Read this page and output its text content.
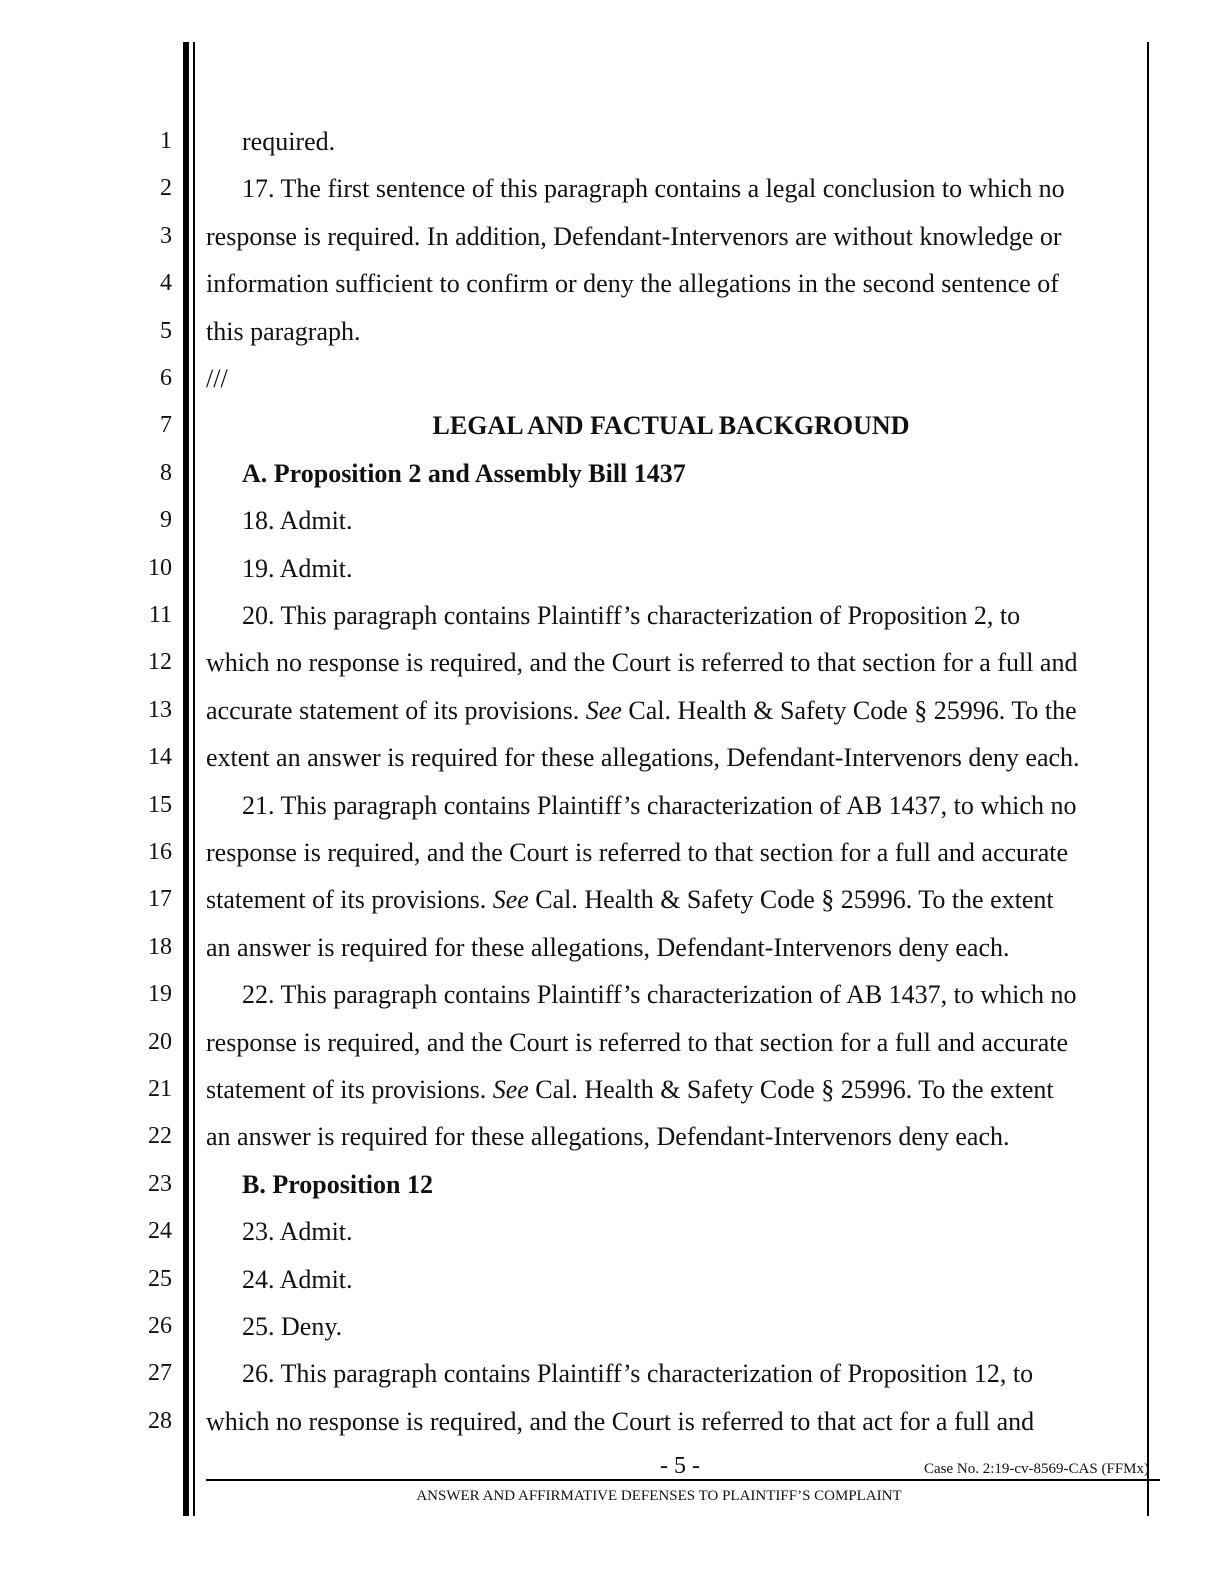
1	required.
2	17. The first sentence of this paragraph contains a legal conclusion to which no
3 response is required. In addition, Defendant-Intervenors are without knowledge or
4 information sufficient to confirm or deny the allegations in the second sentence of
5 this paragraph.
6 ///
7	LEGAL AND FACTUAL BACKGROUND
8	A. Proposition 2 and Assembly Bill 1437
9	18. Admit.
10	19. Admit.
11	20. This paragraph contains Plaintiff’s characterization of Proposition 2, to
12 which no response is required, and the Court is referred to that section for a full and
13 accurate statement of its provisions. See Cal. Health & Safety Code § 25996. To the
14 extent an answer is required for these allegations, Defendant-Intervenors deny each.
15	21. This paragraph contains Plaintiff’s characterization of AB 1437, to which no
16 response is required, and the Court is referred to that section for a full and accurate
17 statement of its provisions. See Cal. Health & Safety Code § 25996. To the extent
18 an answer is required for these allegations, Defendant-Intervenors deny each.
19	22. This paragraph contains Plaintiff’s characterization of AB 1437, to which no
20 response is required, and the Court is referred to that section for a full and accurate
21 statement of its provisions. See Cal. Health & Safety Code § 25996. To the extent
22 an answer is required for these allegations, Defendant-Intervenors deny each.
23	B. Proposition 12
24	23. Admit.
25	24. Admit.
26	25. Deny.
27	26. This paragraph contains Plaintiff’s characterization of Proposition 12, to
28 which no response is required, and the Court is referred to that act for a full and
- 5 -	Case No. 2:19-cv-8569-CAS (FFMx)
ANSWER AND AFFIRMATIVE DEFENSES TO PLAINTIFF’S COMPLAINT
